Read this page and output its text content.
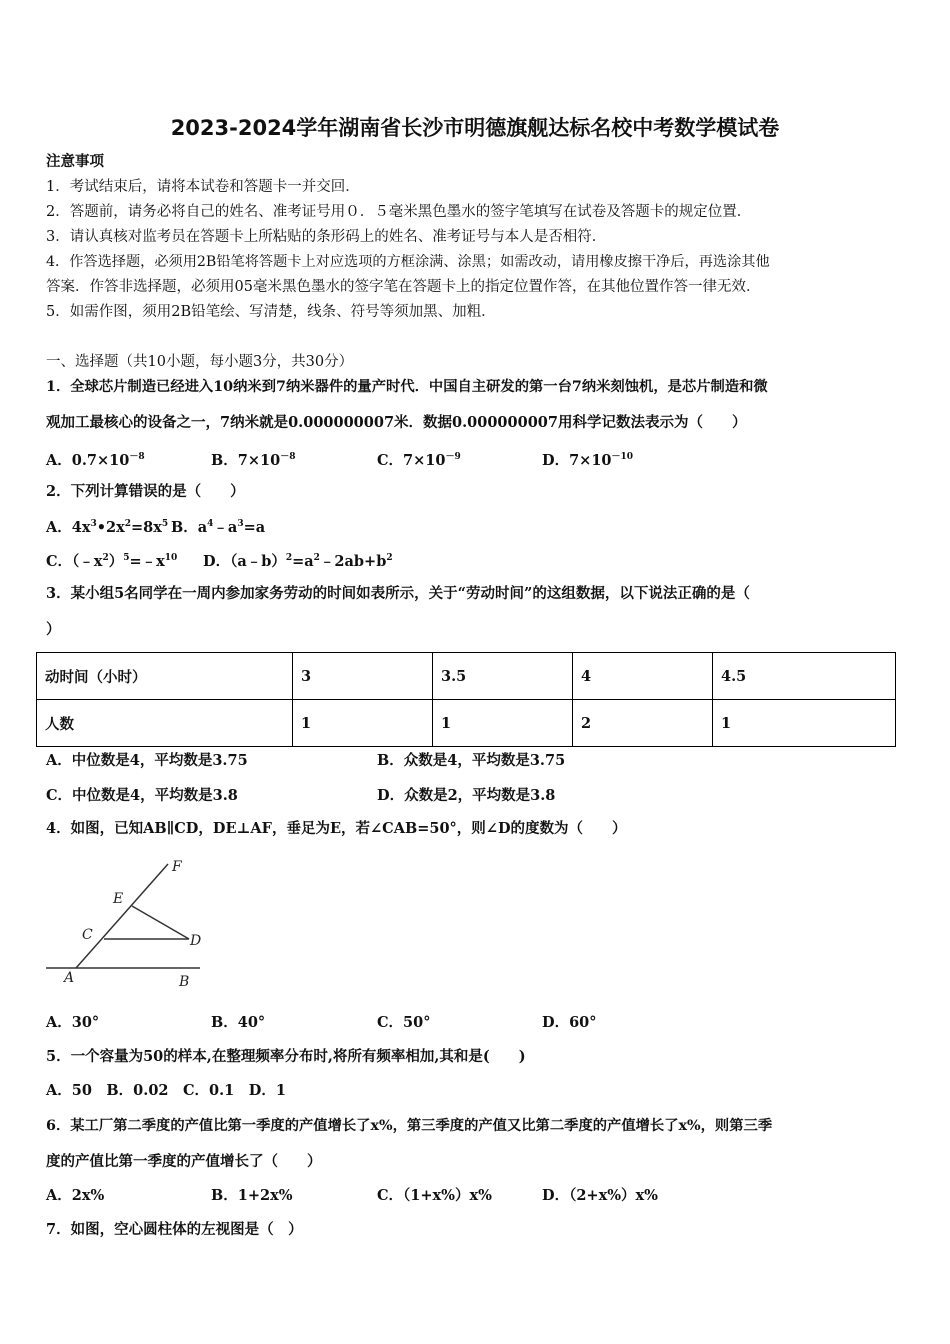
2023-2024学年湖南省长沙市明德旗舰达标名校中考数学模试卷
注意事项
1．考试结束后，请将本试卷和答题卡一并交回．
2．答题前，请务必将自己的姓名、准考证号用０．５毫米黑色墨水的签字笔填写在试卷及答题卡的规定位置．
3．请认真核对监考员在答题卡上所粘贴的条形码上的姓名、准考证号与本人是否相符．
4．作答选择题，必须用2B铅笔将答题卡上对应选项的方框涂满、涂黑；如需改动，请用橡皮擦干净后，再选涂其他
答案．作答非选择题，必须用05毫米黑色墨水的签字笔在答题卡上的指定位置作答，在其他位置作答一律无效．
5．如需作图，须用2B铅笔绘、写清楚，线条、符号等须加黑、加粗．
一、选择题（共10小题，每小题3分，共30分）
1．全球芯片制造已经进入10纳米到7纳米器件的量产时代．中国自主研发的第一台7纳米刻蚀机，是芯片制造和微
观加工最核心的设备之一，7纳米就是0.000000007米．数据0.000000007用科学记数法表示为（　　）
A．$0.7\times 10^{-8}$	B．$7\times 10^{-8}$	C．$7\times 10^{-9}$	D．$7\times 10^{-10}$
2．下列计算错误的是（　　）
A．$4x^3•2x^2=8x^5$ B．$a^4﹣a^3=a$
C．$(﹣x^2)^5=﹣x^{10}$ D．$(a﹣b)^2=a^2﹣2ab+b^2$
3．某小组5名同学在一周内参加家务劳动的时间如表所示，关于“劳动时间”的这组数据，以下说法正确的是（
）
动时间（小时）	3	3.5	4	4.5
人数	1	1	2	1
A．中位数是4，平均数是3.75	B．众数是4，平均数是3.75
C．中位数是4，平均数是3.8	D．众数是2，平均数是3.8
4．如图，已知AB∥CD，DE⊥AF，垂足为E，若∠CAB=50°，则∠D的度数为（　　）
F
E
C	D
A	B
A．30°	B．40°	C．50°	D．60°
5．一个容量为50的样本,在整理频率分布时,将所有频率相加,其和是(　　)
A．50　B．0.02　C．0.1　D．1
6．某工厂第二季度的产值比第一季度的产值增长了x%，第三季度的产值又比第二季度的产值增长了x%，则第三季
度的产值比第一季度的产值增长了（　　）
A．2x%	B．1+2x%	C．（1+x%）x%	D．（2+x%）x%
7．如图，空心圆柱体的左视图是（　）
